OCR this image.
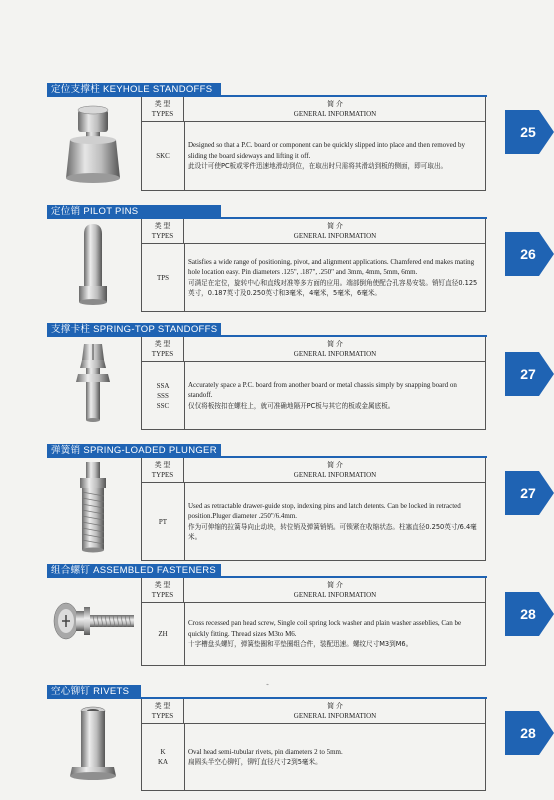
定位支撑柱 KEYHOLE STANDOFFS
类 型
TYPES
简 介
GENERAL INFORMATION
SKC
Designed so that a P.C. board or component can be quickly slipped into place and then removed by sliding the board sideways and lifting it off.
此设计可使PC板或零件迅速地滑动到位，在取出时只需将其滑动到板的侧面，即可取出。
25
定位销 PILOT PINS
类 型
TYPES
简 介
GENERAL INFORMATION
TPS
Satisfies a wide range of positioning, pivot, and alignment applications. Chamfered end makes mating hole location easy. Pin diameters .125", .187", .250" and 3mm, 4mm, 5mm, 6mm.
可满足在定位，旋转中心和直线对准等多方面的应用。端部倒角使配合孔容易安装。销钉直径0.125英寸，0.187英寸及0.250英寸和3毫米，4毫米，5毫米，6毫米。
26
支撑卡柱 SPRING-TOP STANDOFFS
类 型
TYPES
简 介
GENERAL INFORMATION
SSA
SSS
SSC
Accurately space a P.C. board from another board or metal chassis simply by snapping board on standoff.
仅仅将板按扣在螺柱上，就可准确地隔开PC板与其它的板或金属底板。
27
弹簧销 SPRING-LOADED PLUNGER
类 型
TYPES
简 介
GENERAL INFORMATION
PT
Used as retractable drawer-guide stop, indexing pins and latch detents. Can be locked in retracted position.Pluger diameter .250"/6.4mm.
作为可伸缩的拉簧导向止动块，转位销及弹簧销销。可锁紧在收缩状态。柱塞直径0.250英寸/6.4毫米。
27
组合螺钉 ASSEMBLED FASTENERS
类 型
TYPES
简 介
GENERAL INFORMATION
ZH
Cross recessed pan head screw, Single coil spring lock washer and plain washer asseblies, Can be quickly fitting. Thread sizes M3to M6.
十字槽盘头螺钉，弹簧垫圈和平垫圈组合件，装配迅速。螺纹尺寸M3到M6。
28
⌁
空心铆钉 RIVETS
类 型
TYPES
简 介
GENERAL INFORMATION
K
KA
Oval head semi-tubular rivets, pin diameters 2 to 5mm.
扁圆头半空心铆钉，铆钉直径尺寸2到5毫米。
28
